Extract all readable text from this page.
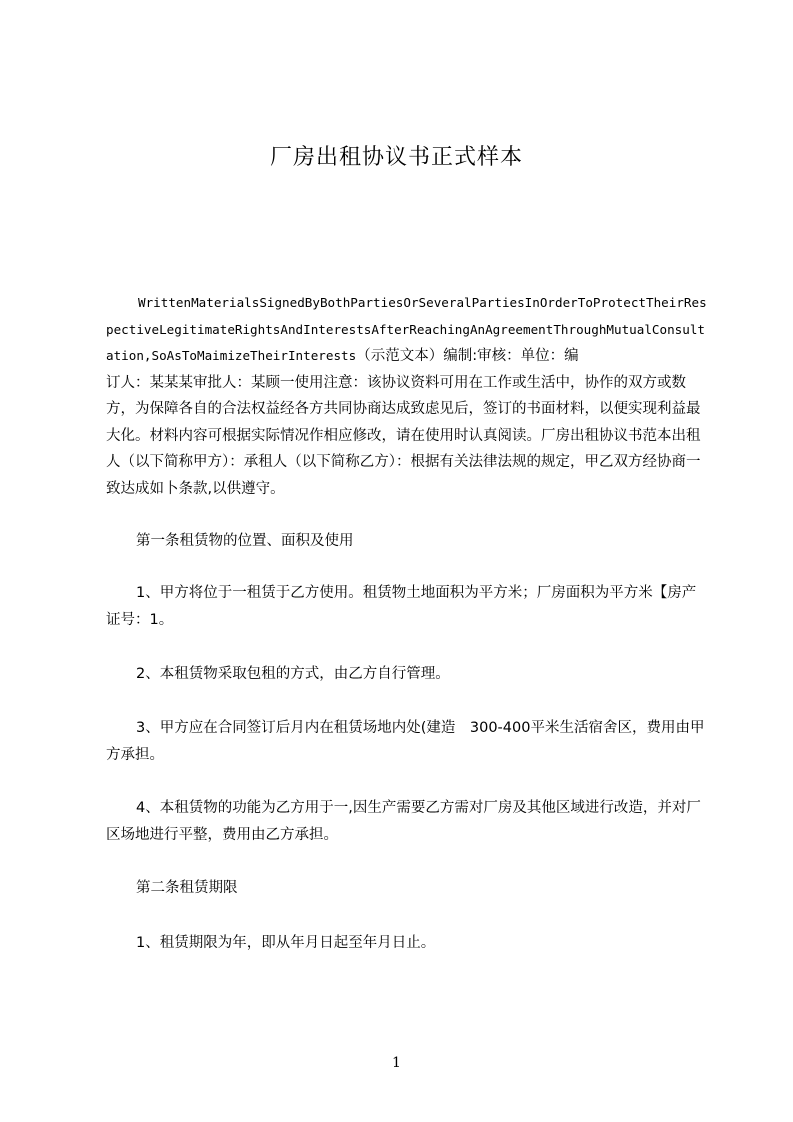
厂房出租协议书正式样本
WrittenMaterialsSignedByBothPartiesOrSeveralPartiesInOrderToProtectTheirRespectiveLegitimateRightsAndInterestsAfterReachingAnAgreementThroughMutualConsultation,SoAsToMaimizeTheirInterests（示范文本）编制:审核：单位：编
订人：某某某审批人：某顾一使用注意：该协议资料可用在工作或生活中，协作的双方或数方，为保障各自的合法权益经各方共同协商达成致虑见后，签订的书面材料，以便实现利益最大化。材料内容可根据实际情况作相应修改，请在使用时认真阅读。厂房出租协议书范本出租人（以下简称甲方）：承租人（以下简称乙方）：根据有关法律法规的规定，甲乙双方经协商一致达成如卜条款,以供遵守。

第一条租赁物的位置、面积及使用

1、甲方将位于一租赁于乙方使用。租赁物土地面积为平方米；厂房面积为平方米【房产证号：1。

2、本租赁物采取包租的方式，由乙方自行管理。

3、甲方应在合同签订后月内在租赁场地内处(建造　300-400平米生活宿舍区，费用由甲方承担。

4、本租赁物的功能为乙方用于一,因生产需要乙方需对厂房及其他区域进行改造，并对厂区场地进行平整，费用由乙方承担。

第二条租赁期限

1、租赁期限为年，即从年月日起至年月日止。

1
